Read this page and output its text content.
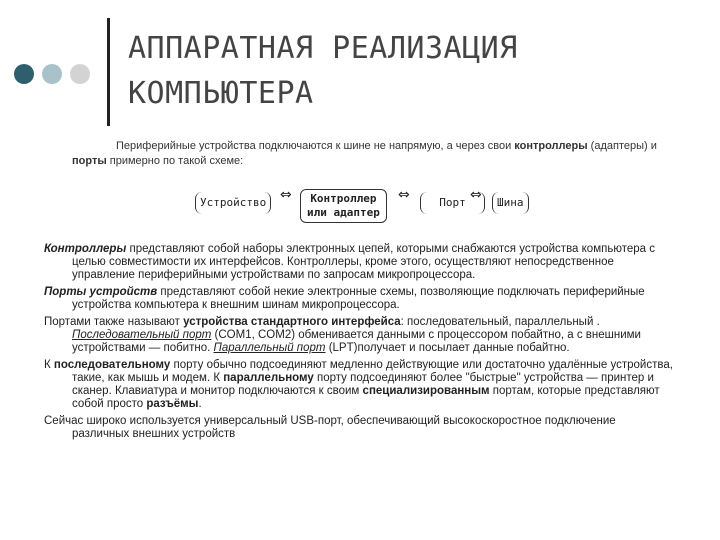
АППАРАТНАЯ РЕАЛИЗАЦИЯ
КОМПЬЮТЕРА

Периферийные устройства подключаются к шине не напрямую, а через свои контроллеры (адаптеры) и порты примерно по такой схеме:

Устройство ⇔	Контроллер
или адаптер
⇔	Порт ⇔	Шина

Контроллеры представляют собой наборы электронных цепей, которыми снабжаются устройства компьютера с целью совместимости их интерфейсов. Контроллеры, кроме этого, осуществляют непосредственное управление периферийными устройствами по запросам микропроцессора.

Порты устройств представляют собой некие электронные схемы, позволяющие подключать периферийные устройства компьютера к внешним шинам микропроцессора.

Портами также называют устройства стандартного интерфейса: последовательный, параллельный . Последовательный порт (COM1, COM2) обменивается данными с процессором побайтно, а с внешними устройствами — побитно. Параллельный порт (LPT)получает и посылает данные побайтно.

К последовательному порту обычно подсоединяют медленно действующие или достаточно удалённые устройства, такие, как мышь и модем. К параллельному порту подсоединяют более "быстрые" устройства — принтер и сканер. Клавиатура и монитор подключаются к своим специализированным портам, которые представляют собой просто разъёмы.

Сейчас широко используется универсальный USB-порт, обеспечивающий высокоскоростное подключение различных внешних устройств
